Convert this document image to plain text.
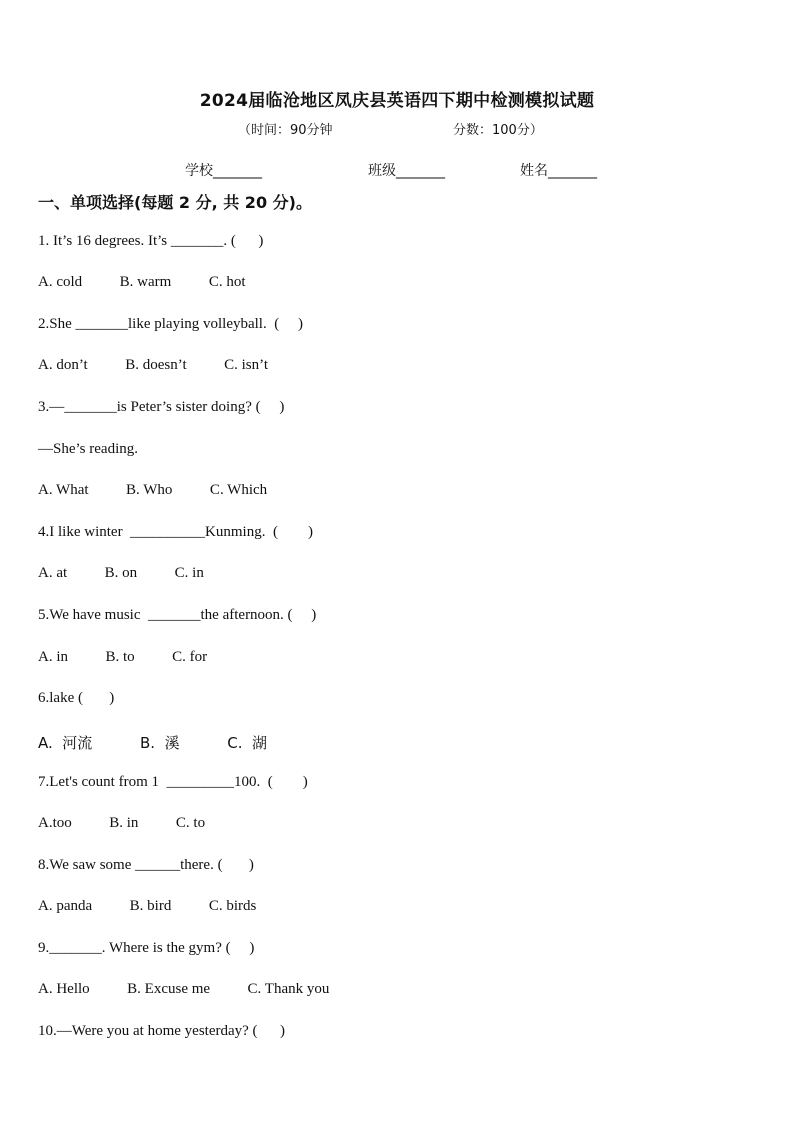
2024届临沧地区凤庆县英语四下期中检测模拟试题
（时间：90分钟	分数：100分）
学校_______	班级_______	姓名_______
一、单项选择(每题 2 分, 共 20 分)。
1. It’s 16 degrees. It’s _______. (      )
A. cold          B. warm          C. hot
2.She _______like playing volleyball.  (     )
A. don’t          B. doesn’t          C. isn’t
3.—_______is Peter’s sister doing? (     )
—She’s reading.
A. What          B. Who          C. Which
4.I like winter  __________Kunming.  (        )
A. at          B. on          C. in
5.We have music  _______the afternoon. (     )
A. in          B. to          C. for
6.lake (       )
A.  河流          B.  溪          C.  湖
7.Let's count from 1  _________100.  (        )
A.too          B. in          C. to
8.We saw some ______there. (       )
A. panda          B. bird          C. birds
9._______. Where is the gym? (     )
A. Hello          B. Excuse me          C. Thank you
10.—Were you at home yesterday? (      )
